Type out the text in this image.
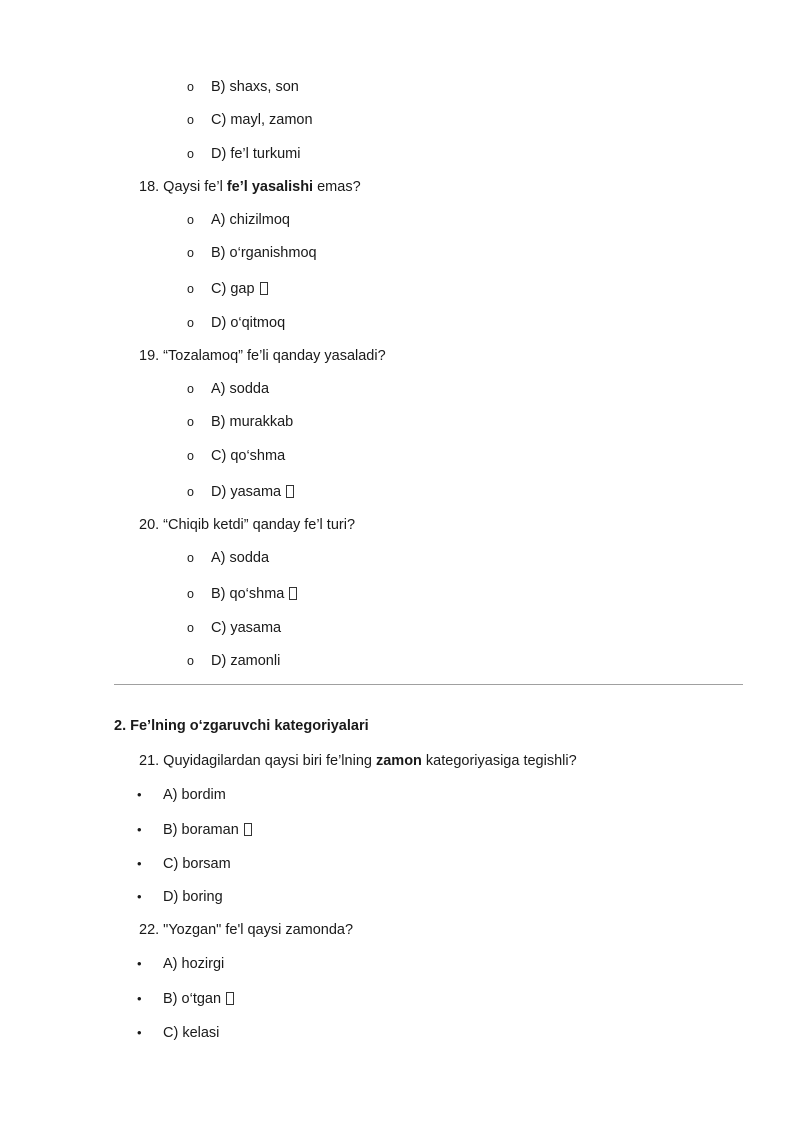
o B) shaxs, son
o C) mayl, zamon
o D) fe’l turkumi
18. Qaysi fe’l fe’l yasalishi emas?
o A) chizilmoq
o B) o‘rganishmoq
o C) gap
o D) o‘qitmoq
19. “Tozalamoq” fe’li qanday yasaladi?
o A) sodda
o B) murakkab
o C) qo‘shma
o D) yasama
20. “Chiqib ketdi” qanday fe’l turi?
o A) sodda
o B) qo‘shma
o C) yasama
o D) zamonli
2. Fe’lning o‘zgaruvchi kategoriyalari
21. Quyidagilardan qaysi biri fe’lning zamon kategoriyasiga tegishli?
• A) bordim
• B) boraman
• C) borsam
• D) boring
22. "Yozgan" fe'l qaysi zamonda?
• A) hozirgi
• B) o‘tgan
• C) kelasi
